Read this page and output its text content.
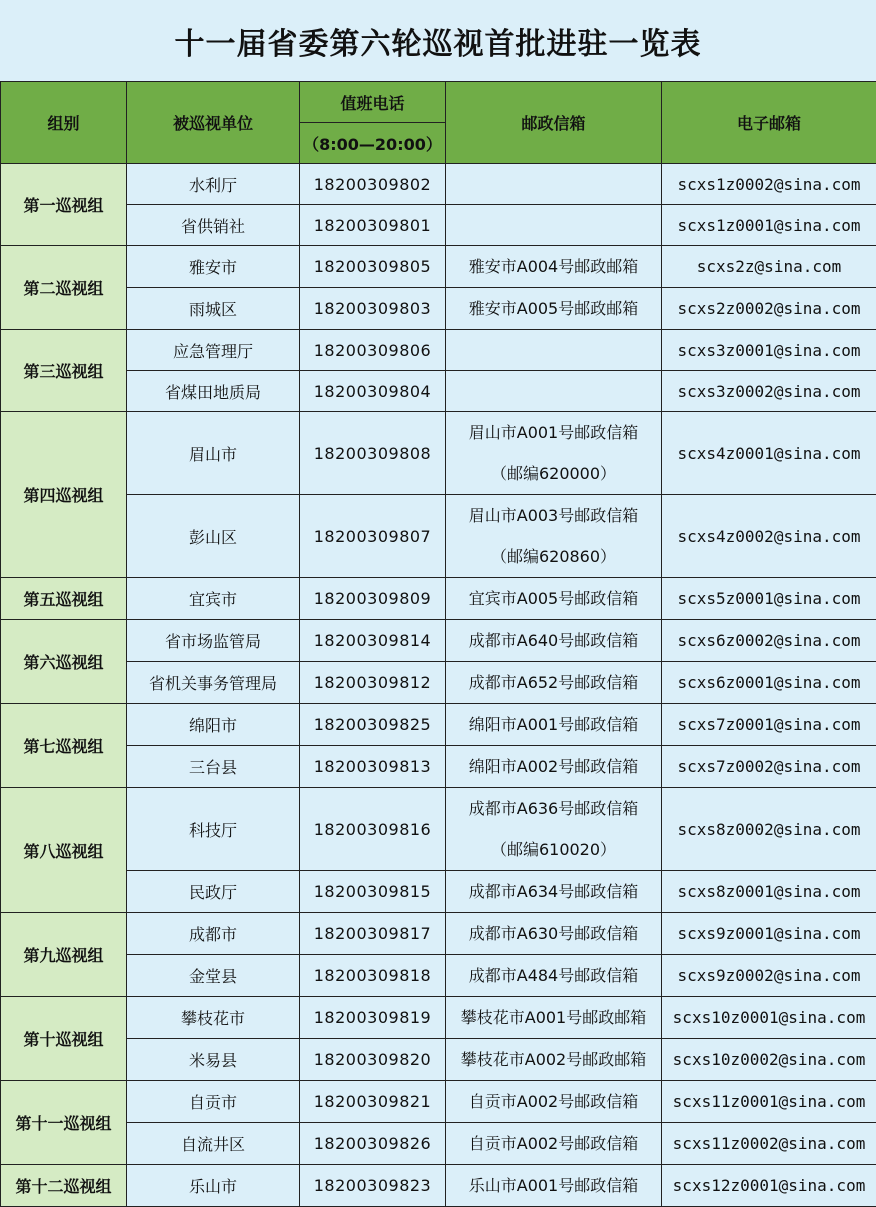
十一届省委第六轮巡视首批进驻一览表
组别	被巡视单位	值班电话	邮政信箱	电子邮箱
		（8:00—20:00）		
第一巡视组	水利厅	18200309802		scxs1z0002@sina.com
	省供销社	18200309801		scxs1z0001@sina.com
第二巡视组	雅安市	18200309805	雅安市A004号邮政邮箱	scxs2z@sina.com
	雨城区	18200309803	雅安市A005号邮政邮箱	scxs2z0002@sina.com
第三巡视组	应急管理厅	18200309806		scxs3z0001@sina.com
	省煤田地质局	18200309804		scxs3z0002@sina.com
第四巡视组	眉山市	18200309808	眉山市A001号邮政信箱
（邮编620000）	scxs4z0001@sina.com
	彭山区	18200309807	眉山市A003号邮政信箱
（邮编620860）	scxs4z0002@sina.com
第五巡视组	宜宾市	18200309809	宜宾市A005号邮政信箱	scxs5z0001@sina.com
第六巡视组	省市场监管局	18200309814	成都市A640号邮政信箱	scxs6z0002@sina.com
	省机关事务管理局	18200309812	成都市A652号邮政信箱	scxs6z0001@sina.com
第七巡视组	绵阳市	18200309825	绵阳市A001号邮政信箱	scxs7z0001@sina.com
	三台县	18200309813	绵阳市A002号邮政信箱	scxs7z0002@sina.com
第八巡视组	科技厅	18200309816	成都市A636号邮政信箱
（邮编610020）	scxs8z0002@sina.com
	民政厅	18200309815	成都市A634号邮政信箱	scxs8z0001@sina.com
第九巡视组	成都市	18200309817	成都市A630号邮政信箱	scxs9z0001@sina.com
	金堂县	18200309818	成都市A484号邮政信箱	scxs9z0002@sina.com
第十巡视组	攀枝花市	18200309819	攀枝花市A001号邮政邮箱	scxs10z0001@sina.com
	米易县	18200309820	攀枝花市A002号邮政邮箱	scxs10z0002@sina.com
第十一巡视组	自贡市	18200309821	自贡市A002号邮政信箱	scxs11z0001@sina.com
	自流井区	18200309826	自贡市A002号邮政信箱	scxs11z0002@sina.com
第十二巡视组	乐山市	18200309823	乐山市A001号邮政信箱	scxs12z0001@sina.com
